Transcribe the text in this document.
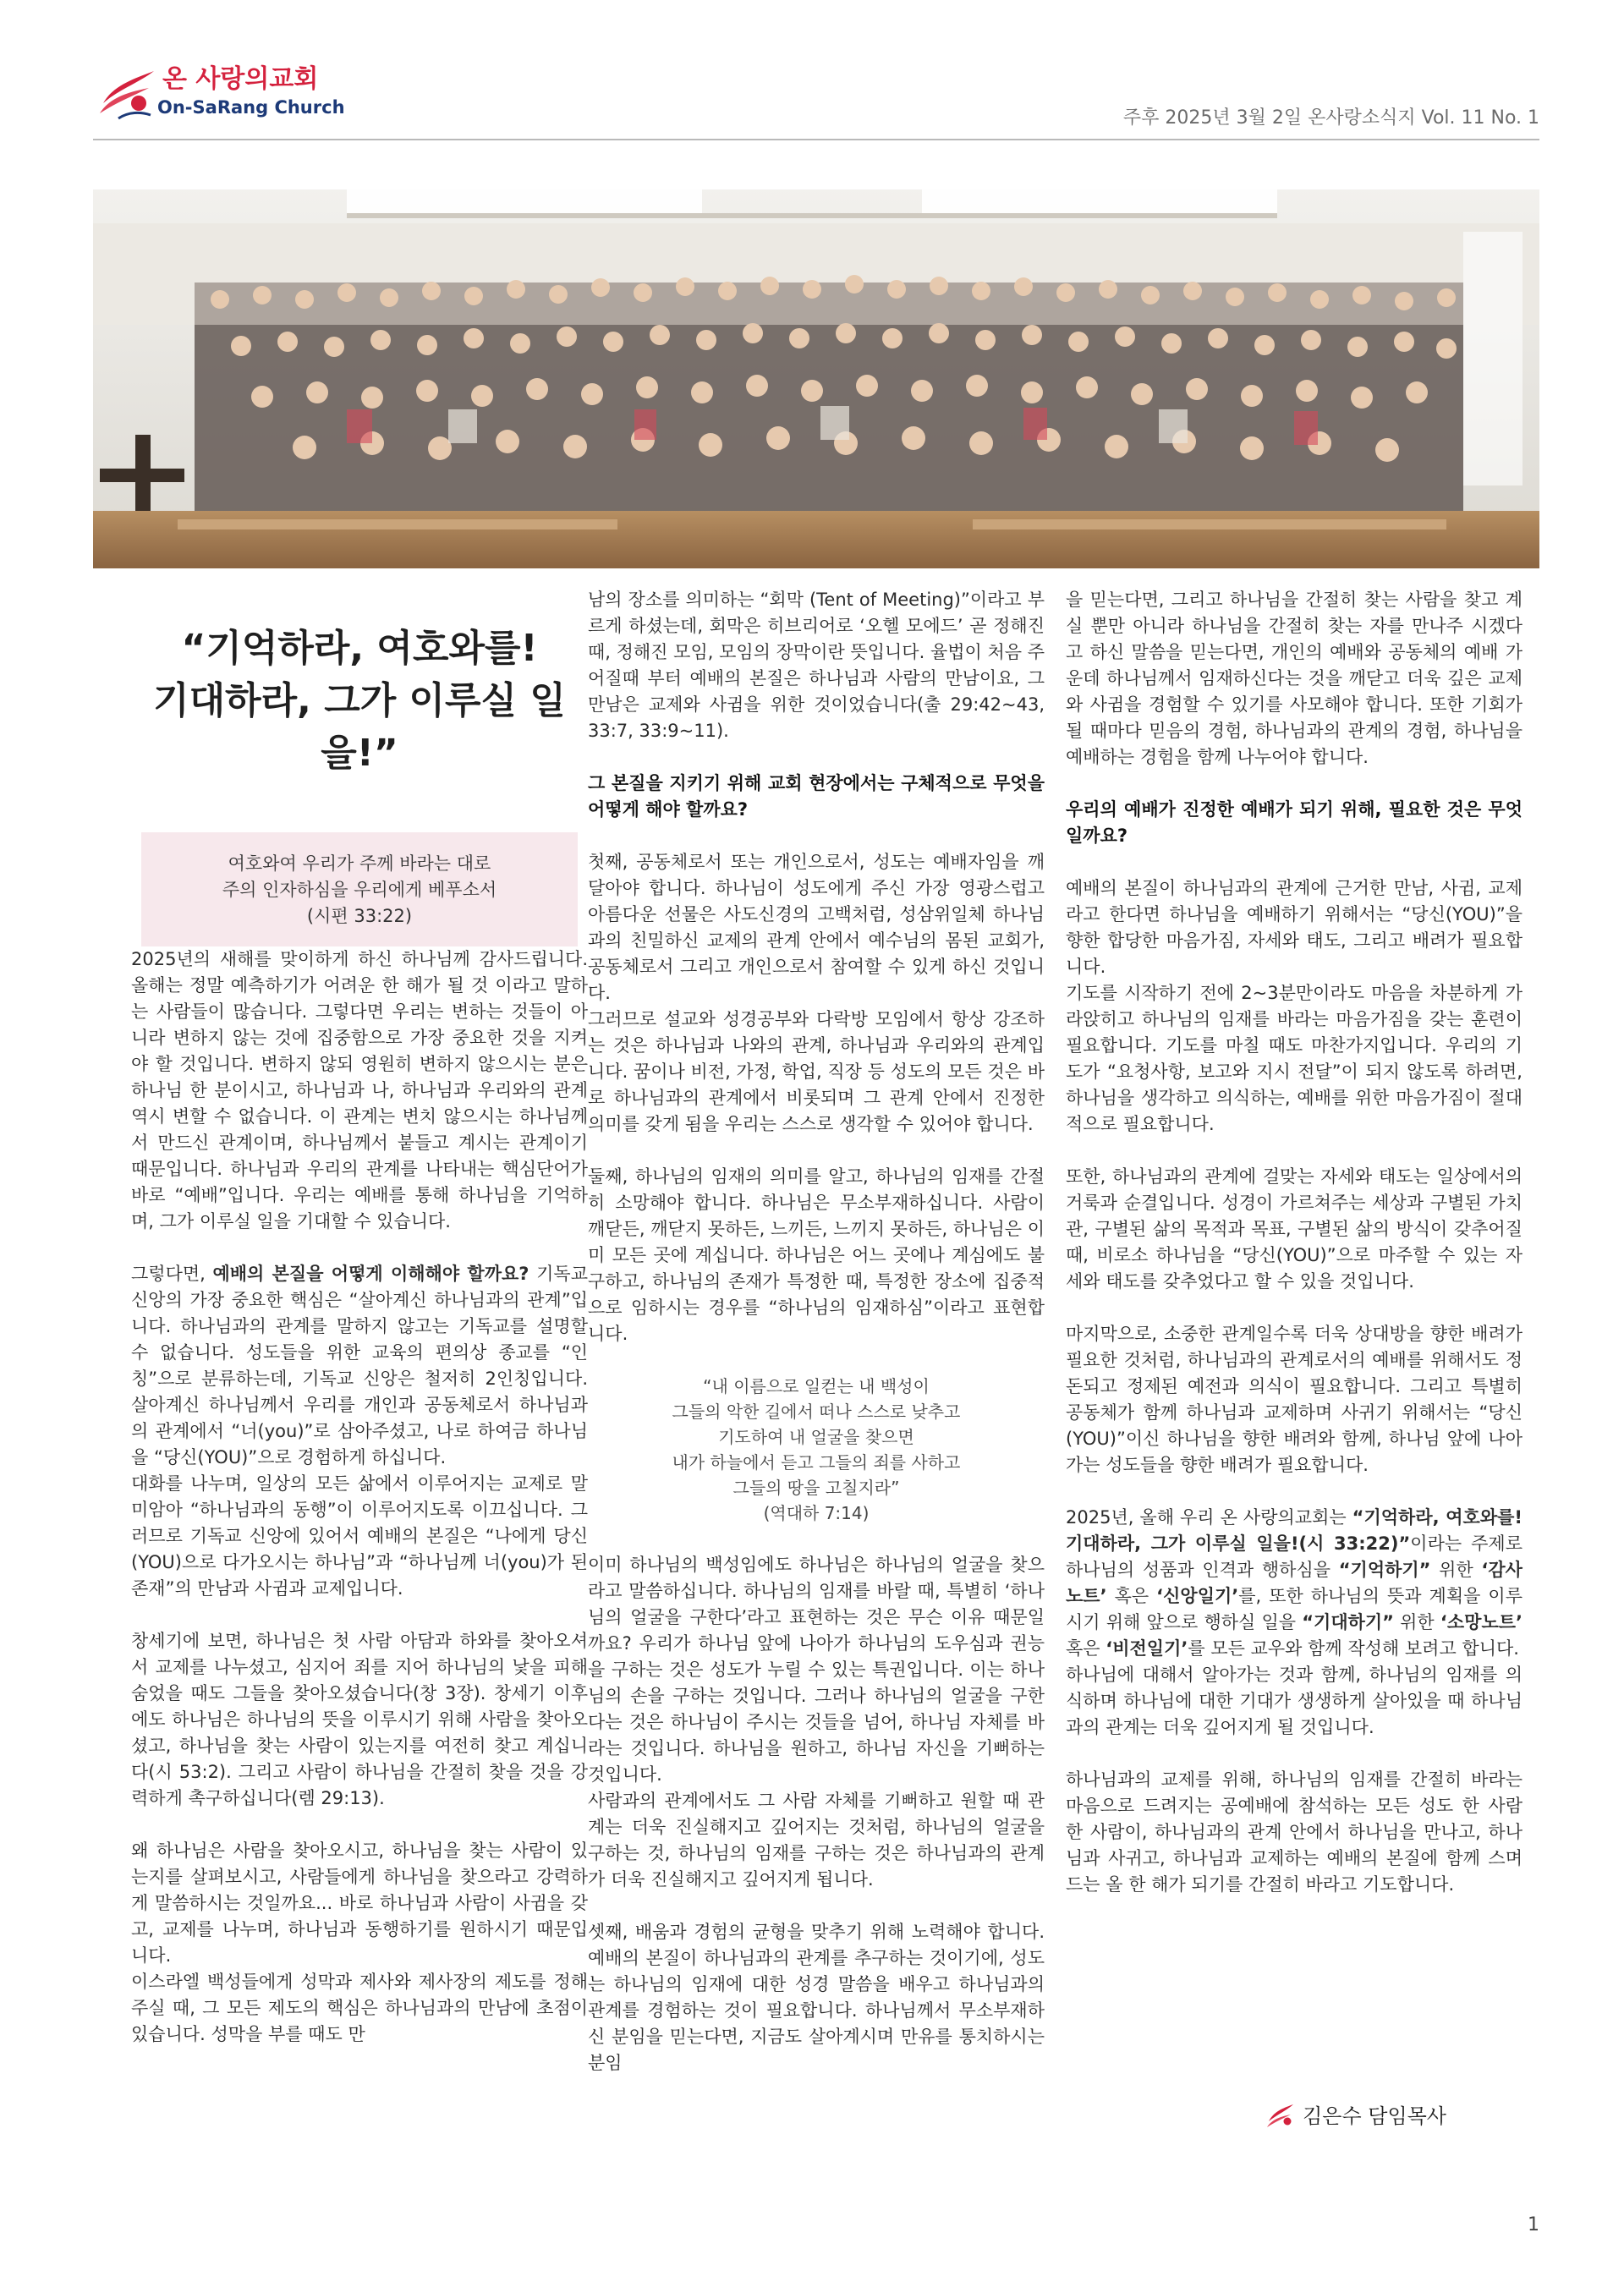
온 사랑의교회
On-SaRang Church	주후 2025년 3월 2일 온사랑소식지 Vol. 11 No. 1
“기억하라, 여호와를!
기대하라, 그가 이루실 일을!”
여호와여 우리가 주께 바라는 대로
주의 인자하심을 우리에게 베푸소서
(시편 33:22)

2025년의 새해를 맞이하게 하신 하나님께 감사드립니다. 올해는 정말 예측하기가 어려운 한 해가 될 것 이라고 말하는 사람들이 많습니다. 그렇다면 우리는 변하는 것들이 아니라 변하지 않는 것에 집중함으로 가장 중요한 것을 지켜야 할 것입니다. 변하지 않되 영원히 변하지 않으시는 분은 하나님 한 분이시고, 하나님과 나, 하나님과 우리와의 관계 역시 변할 수 없습니다. 이 관계는 변치 않으시는 하나님께서 만드신 관계이며, 하나님께서 붙들고 계시는 관계이기 때문입니다. 하나님과 우리의 관계를 나타내는 핵심단어가 바로 “예배”입니다. 우리는 예배를 통해 하나님을 기억하며, 그가 이루실 일을 기대할 수 있습니다.

그렇다면, 예배의 본질을 어떻게 이해해야 할까요? 기독교 신앙의 가장 중요한 핵심은 “살아계신 하나님과의 관계”입니다. 하나님과의 관계를 말하지 않고는 기독교를 설명할 수 없습니다. 성도들을 위한 교육의 편의상 종교를 “인칭”으로 분류하는데, 기독교 신앙은 철저히 2인칭입니다. 살아계신 하나님께서 우리를 개인과 공동체로서 하나님과의 관계에서 “너(you)”로 삼아주셨고, 나로 하여금 하나님을 “당신(YOU)”으로 경험하게 하십니다.

대화를 나누며, 일상의 모든 삶에서 이루어지는 교제로 말미암아 “하나님과의 동행”이 이루어지도록 이끄십니다. 그러므로 기독교 신앙에 있어서 예배의 본질은 “나에게 당신(YOU)으로 다가오시는 하나님”과 “하나님께 너(you)가 된 존재”의 만남과 사귐과 교제입니다.

창세기에 보면, 하나님은 첫 사람 아담과 하와를 찾아오셔서 교제를 나누셨고, 심지어 죄를 지어 하나님의 낯을 피해 숨었을 때도 그들을 찾아오셨습니다(창 3장). 창세기 이후에도 하나님은 하나님의 뜻을 이루시기 위해 사람을 찾아오셨고, 하나님을 찾는 사람이 있는지를 여전히 찾고 계십니다(시 53:2). 그리고 사람이 하나님을 간절히 찾을 것을 강력하게 촉구하십니다(렘 29:13).

왜 하나님은 사람을 찾아오시고, 하나님을 찾는 사람이 있는지를 살펴보시고, 사람들에게 하나님을 찾으라고 강력하게 말씀하시는 것일까요... 바로 하나님과 사람이 사귐을 갖고, 교제를 나누며, 하나님과 동행하기를 원하시기 때문입니다.

이스라엘 백성들에게 성막과 제사와 제사장의 제도를 정해주실 때, 그 모든 제도의 핵심은 하나님과의 만남에 초점이 있습니다. 성막을 부를 때도 만

남의 장소를 의미하는 “회막 (Tent of Meeting)”이라고 부르게 하셨는데, 회막은 히브리어로 ‘오헬 모에드’ 곧 정해진 때, 정해진 모임, 모임의 장막이란 뜻입니다. 율법이 처음 주어질때 부터 예배의 본질은 하나님과 사람의 만남이요, 그 만남은 교제와 사귐을 위한 것이었습니다(출 29:42~43, 33:7, 33:9~11).

그 본질을 지키기 위해 교회 현장에서는 구체적으로 무엇을 어떻게 해야 할까요?

첫째, 공동체로서 또는 개인으로서, 성도는 예배자임을 깨달아야 합니다. 하나님이 성도에게 주신 가장 영광스럽고 아름다운 선물은 사도신경의 고백처럼, 성삼위일체 하나님과의 친밀하신 교제의 관계 안에서 예수님의 몸된 교회가, 공동체로서 그리고 개인으로서 참여할 수 있게 하신 것입니다.

그러므로 설교와 성경공부와 다락방 모임에서 항상 강조하는 것은 하나님과 나와의 관계, 하나님과 우리와의 관계입니다. 꿈이나 비전, 가정, 학업, 직장 등 성도의 모든 것은 바로 하나님과의 관계에서 비롯되며 그 관계 안에서 진정한 의미를 갖게 됨을 우리는 스스로 생각할 수 있어야 합니다.

둘째, 하나님의 임재의 의미를 알고, 하나님의 임재를 간절히 소망해야 합니다. 하나님은 무소부재하십니다. 사람이 깨닫든, 깨닫지 못하든, 느끼든, 느끼지 못하든, 하나님은 이미 모든 곳에 계십니다. 하나님은 어느 곳에나 계심에도 불구하고, 하나님의 존재가 특정한 때, 특정한 장소에 집중적으로 임하시는 경우를 “하나님의 임재하심”이라고 표현합니다.

“내 이름으로 일컫는 내 백성이
그들의 악한 길에서 떠나 스스로 낮추고
기도하여 내 얼굴을 찾으면
내가 하늘에서 듣고 그들의 죄를 사하고
그들의 땅을 고칠지라”
(역대하 7:14)

이미 하나님의 백성임에도 하나님은 하나님의 얼굴을 찾으라고 말씀하십니다. 하나님의 임재를 바랄 때, 특별히 ‘하나님의 얼굴을 구한다’라고 표현하는 것은 무슨 이유 때문일까요? 우리가 하나님 앞에 나아가 하나님의 도우심과 권능을 구하는 것은 성도가 누릴 수 있는 특권입니다. 이는 하나님의 손을 구하는 것입니다. 그러나 하나님의 얼굴을 구한다는 것은 하나님이 주시는 것들을 넘어, 하나님 자체를 바라는 것입니다. 하나님을 원하고, 하나님 자신을 기뻐하는 것입니다.

사람과의 관계에서도 그 사람 자체를 기뻐하고 원할 때 관계는 더욱 진실해지고 깊어지는 것처럼, 하나님의 얼굴을 구하는 것, 하나님의 임재를 구하는 것은 하나님과의 관계가 더욱 진실해지고 깊어지게 됩니다.

셋째, 배움과 경험의 균형을 맞추기 위해 노력해야 합니다. 예배의 본질이 하나님과의 관계를 추구하는 것이기에, 성도는 하나님의 임재에 대한 성경 말씀을 배우고 하나님과의 관계를 경험하는 것이 필요합니다. 하나님께서 무소부재하신 분임을 믿는다면, 지금도 살아계시며 만유를 통치하시는 분임

을 믿는다면, 그리고 하나님을 간절히 찾는 사람을 찾고 계실 뿐만 아니라 하나님을 간절히 찾는 자를 만나주 시겠다고 하신 말씀을 믿는다면, 개인의 예배와 공동체의 예배 가운데 하나님께서 임재하신다는 것을 깨닫고 더욱 깊은 교제와 사귐을 경험할 수 있기를 사모해야 합니다. 또한 기회가 될 때마다 믿음의 경험, 하나님과의 관계의 경험, 하나님을 예배하는 경험을 함께 나누어야 합니다.

우리의 예배가 진정한 예배가 되기 위해, 필요한 것은 무엇일까요?

예배의 본질이 하나님과의 관계에 근거한 만남, 사귐, 교제라고 한다면 하나님을 예배하기 위해서는 “당신(YOU)”을 향한 합당한 마음가짐, 자세와 태도, 그리고 배려가 필요합니다.

기도를 시작하기 전에 2~3분만이라도 마음을 차분하게 가라앉히고 하나님의 임재를 바라는 마음가짐을 갖는 훈련이 필요합니다. 기도를 마칠 때도 마찬가지입니다. 우리의 기도가 “요청사항, 보고와 지시 전달”이 되지 않도록 하려면, 하나님을 생각하고 의식하는, 예배를 위한 마음가짐이 절대적으로 필요합니다.

또한, 하나님과의 관계에 걸맞는 자세와 태도는 일상에서의 거룩과 순결입니다. 성경이 가르쳐주는 세상과 구별된 가치관, 구별된 삶의 목적과 목표, 구별된 삶의 방식이 갖추어질 때, 비로소 하나님을 “당신(YOU)”으로 마주할 수 있는 자세와 태도를 갖추었다고 할 수 있을 것입니다.

마지막으로, 소중한 관계일수록 더욱 상대방을 향한 배려가 필요한 것처럼, 하나님과의 관계로서의 예배를 위해서도 정돈되고 정제된 예전과 의식이 필요합니다. 그리고 특별히 공동체가 함께 하나님과 교제하며 사귀기 위해서는 “당신(YOU)”이신 하나님을 향한 배려와 함께, 하나님 앞에 나아가는 성도들을 향한 배려가 필요합니다.

2025년, 올해 우리 온 사랑의교회는 “기억하라, 여호와를! 기대하라, 그가 이루실 일을!(시 33:22)”이라는 주제로 하나님의 성품과 인격과 행하심을 “기억하기” 위한 ‘감사노트’ 혹은 ‘신앙일기’를, 또한 하나님의 뜻과 계획을 이루시기 위해 앞으로 행하실 일을 “기대하기” 위한 ‘소망노트’ 혹은 ‘비전일기’를 모든 교우와 함께 작성해 보려고 합니다.

하나님에 대해서 알아가는 것과 함께, 하나님의 임재를 의식하며 하나님에 대한 기대가 생생하게 살아있을 때 하나님과의 관계는 더욱 깊어지게 될 것입니다.

하나님과의 교제를 위해, 하나님의 임재를 간절히 바라는 마음으로 드려지는 공예배에 참석하는 모든 성도 한 사람 한 사람이, 하나님과의 관계 안에서 하나님을 만나고, 하나님과 사귀고, 하나님과 교제하는 예배의 본질에 함께 스며드는 올 한 해가 되기를 간절히 바라고 기도합니다.

김은수 담임목사
1
